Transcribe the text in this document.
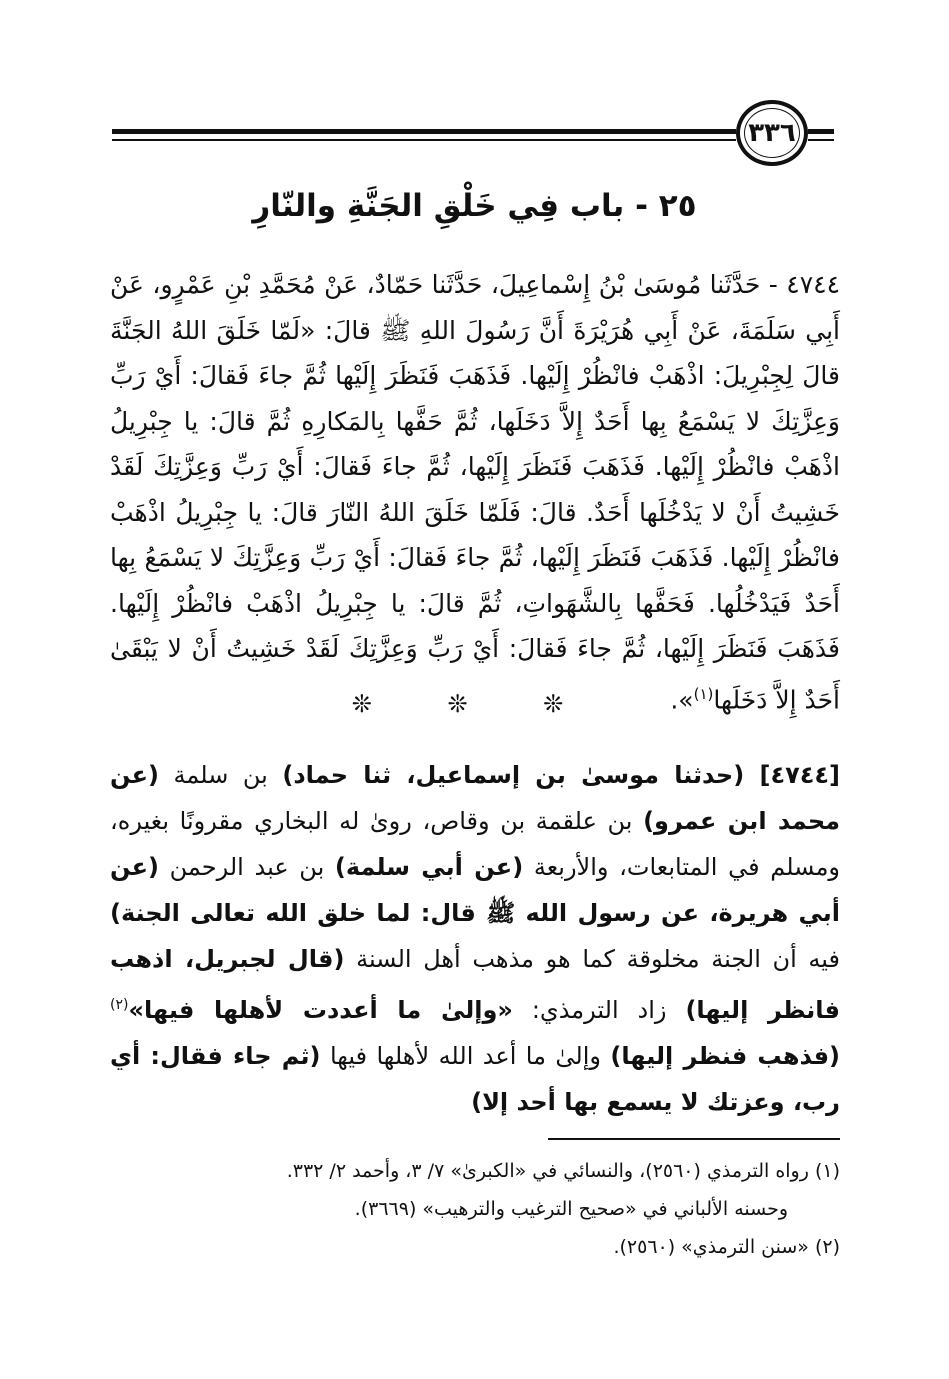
٣٣٦
٢٥ - باب فِي خَلْقِ الجَنَّةِ والنّارِ

٤٧٤٤ - حَدَّثَنا مُوسَىٰ بْنُ إِسْماعِيلَ، حَدَّثَنا حَمّادٌ، عَنْ مُحَمَّدِ بْنِ عَمْرٍو، عَنْ أَبِي سَلَمَةَ، عَنْ أَبِي هُرَيْرَةَ أَنَّ رَسُولَ اللهِ ﷺ قالَ: «لَمّا خَلَقَ اللهُ الجَنَّةَ قالَ لِجِبْرِيلَ: اذْهَبْ فانْظُرْ إِلَيْها. فَذَهَبَ فَنَظَرَ إِلَيْها ثُمَّ جاءَ فَقالَ: أَيْ رَبِّ وَعِزَّتِكَ لا يَسْمَعُ بِها أَحَدٌ إِلاَّ دَخَلَها، ثُمَّ حَفَّها بِالمَكارِهِ ثُمَّ قالَ: يا جِبْرِيلُ اذْهَبْ فانْظُرْ إِلَيْها. فَذَهَبَ فَنَظَرَ إِلَيْها، ثُمَّ جاءَ فَقالَ: أَيْ رَبِّ وَعِزَّتِكَ لَقَدْ خَشِيتُ أَنْ لا يَدْخُلَها أَحَدٌ. قالَ: فَلَمّا خَلَقَ اللهُ النّارَ قالَ: يا جِبْرِيلُ اذْهَبْ فانْظُرْ إِلَيْها. فَذَهَبَ فَنَظَرَ إِلَيْها، ثُمَّ جاءَ فَقالَ: أَيْ رَبِّ وَعِزَّتِكَ لا يَسْمَعُ بِها أَحَدٌ فَيَدْخُلُها. فَحَفَّها بِالشَّهَواتِ، ثُمَّ قالَ: يا جِبْرِيلُ اذْهَبْ فانْظُرْ إِلَيْها. فَذَهَبَ فَنَظَرَ إِلَيْها، ثُمَّ جاءَ فَقالَ: أَيْ رَبِّ وَعِزَّتِكَ لَقَدْ خَشِيتُ أَنْ لا يَبْقَىٰ أَحَدٌ إِلاَّ دَخَلَها$^{(١)}$».

❊ ❊ ❊

[٤٧٤٤] (حدثنا موسىٰ بن إسماعيل، ثنا حماد) بن سلمة (عن محمد ابن عمرو) بن علقمة بن وقاص، روىٰ له البخاري مقرونًا بغيره، ومسلم في المتابعات، والأربعة (عن أبي سلمة) بن عبد الرحمن (عن أبي هريرة، عن رسول الله ﷺ قال: لما خلق الله تعالى الجنة) فيه أن الجنة مخلوقة كما هو مذهب أهل السنة (قال لجبريل، اذهب فانظر إليها) زاد الترمذي: «وإلىٰ ما أعددت لأهلها فيها»$^{(٢)}$ (فذهب فنظر إليها) وإلىٰ ما أعد الله لأهلها فيها (ثم جاء فقال: أي رب، وعزتك لا يسمع بها أحد إلا)

(١) رواه الترمذي (٢٥٦٠)، والنسائي في «الكبرىٰ» ٧/ ٣، وأحمد ٢/ ٣٣٢.

وحسنه الألباني في «صحيح الترغيب والترهيب» (٣٦٦٩).

(٢) «سنن الترمذي» (٢٥٦٠).
